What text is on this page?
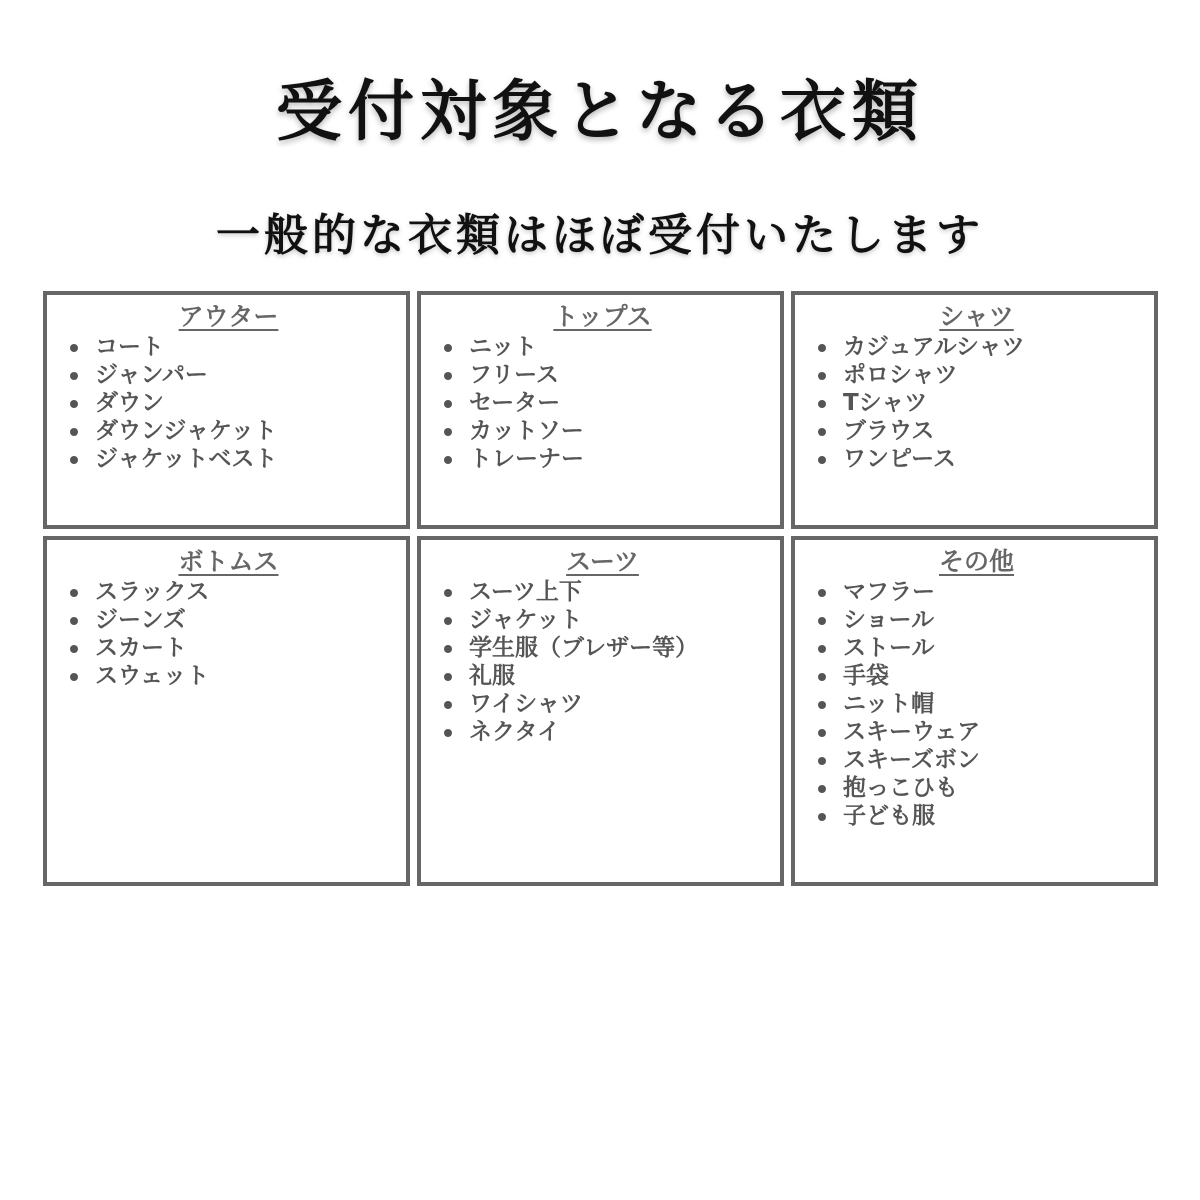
受付対象となる衣類
一般的な衣類はほぼ受付いたします
アウター
コート
ジャンパー
ダウン
ダウンジャケット
ジャケットベスト
トップス
ニット
フリース
セーター
カットソー
トレーナー
シャツ
カジュアルシャツ
ポロシャツ
Tシャツ
ブラウス
ワンピース
ボトムス
スラックス
ジーンズ
スカート
スウェット
スーツ
スーツ上下
ジャケット
学生服（ブレザー等）
礼服
ワイシャツ
ネクタイ
その他
マフラー
ショール
ストール
手袋
ニット帽
スキーウェア
スキーズボン
抱っこひも
子ども服
